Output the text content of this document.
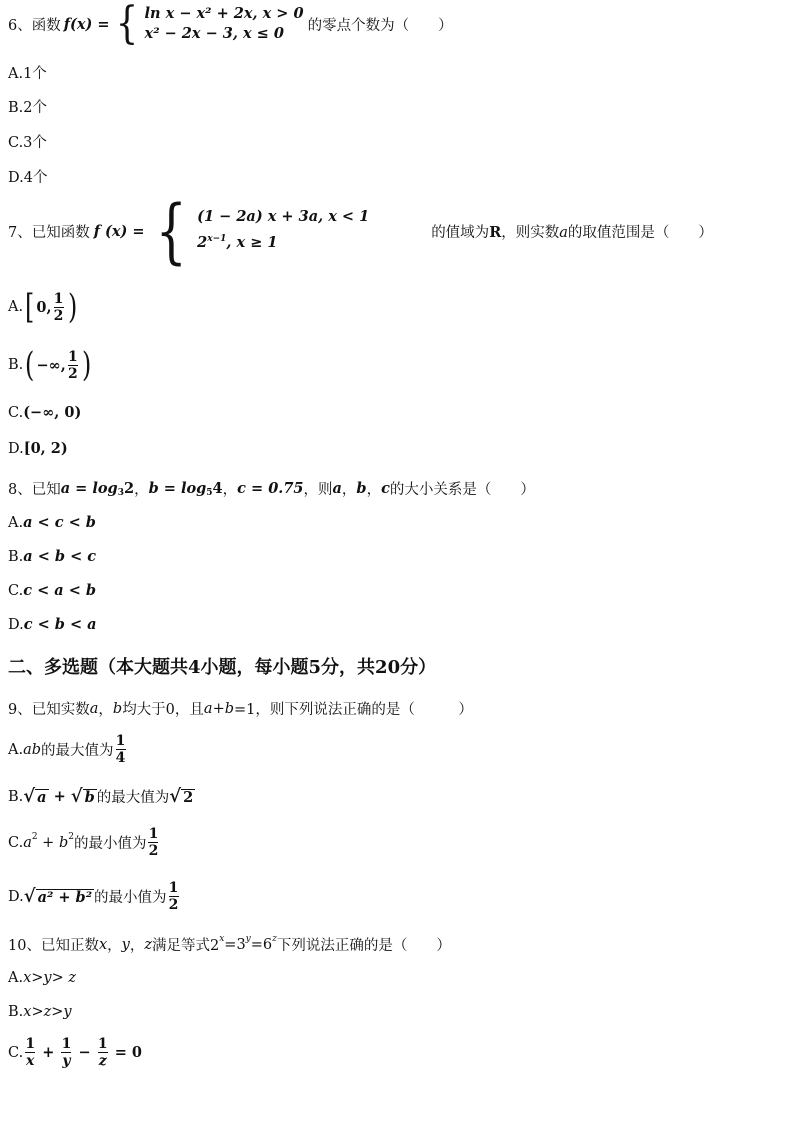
6、函数 f(x) = { ln x − x² + 2x, x > 0
x² − 2x − 3, x ≤ 0	的零点个数为（　　）
A.1个
B.2个
C.3个
D.4个
7、已知函数 f (x) = { (1 − 2a) x + 3a, x < 1
$2^{x-1}$, x ≥ 1
的值域为R，则实数a的取值范围是（　　）
A. [ 0, $\frac{1}{2}$ )
B. ( −∞, $\frac{1}{2}$ )
C. (−∞, 0)
D. [0, 2)
8、已知 a = log 3 2 ， b = log 5 4 ， c = 0.75 ，则 a ， b ， c 的大小关系是（　　）
A. a < c < b
B. a < b < c
C. c < a < b
D. c < b < a
二、多选题（本大题共4小题，每小题5分，共20分）
9、已知实数 a ， b 均大于0，且 a + b =1，则下列说法正确的是（　　　）
A. ab 的最大值为 $\frac{1}{4}$
B. √ a + √ b 的最大值为 √ 2
C. a 2 + b 2 的最小值为 $\frac{1}{2}$
D. √ a² + b² 的最小值为 $\frac{1}{2}$
10、已知正数 x ， y ， z 满足等式2 x =3 y =6 z 下列说法正确的是（　　）
A. x>y> z
B. x>z>y
C. $\frac{1}{x} + \frac{1}{y} - \frac{1}{z} = 0$
